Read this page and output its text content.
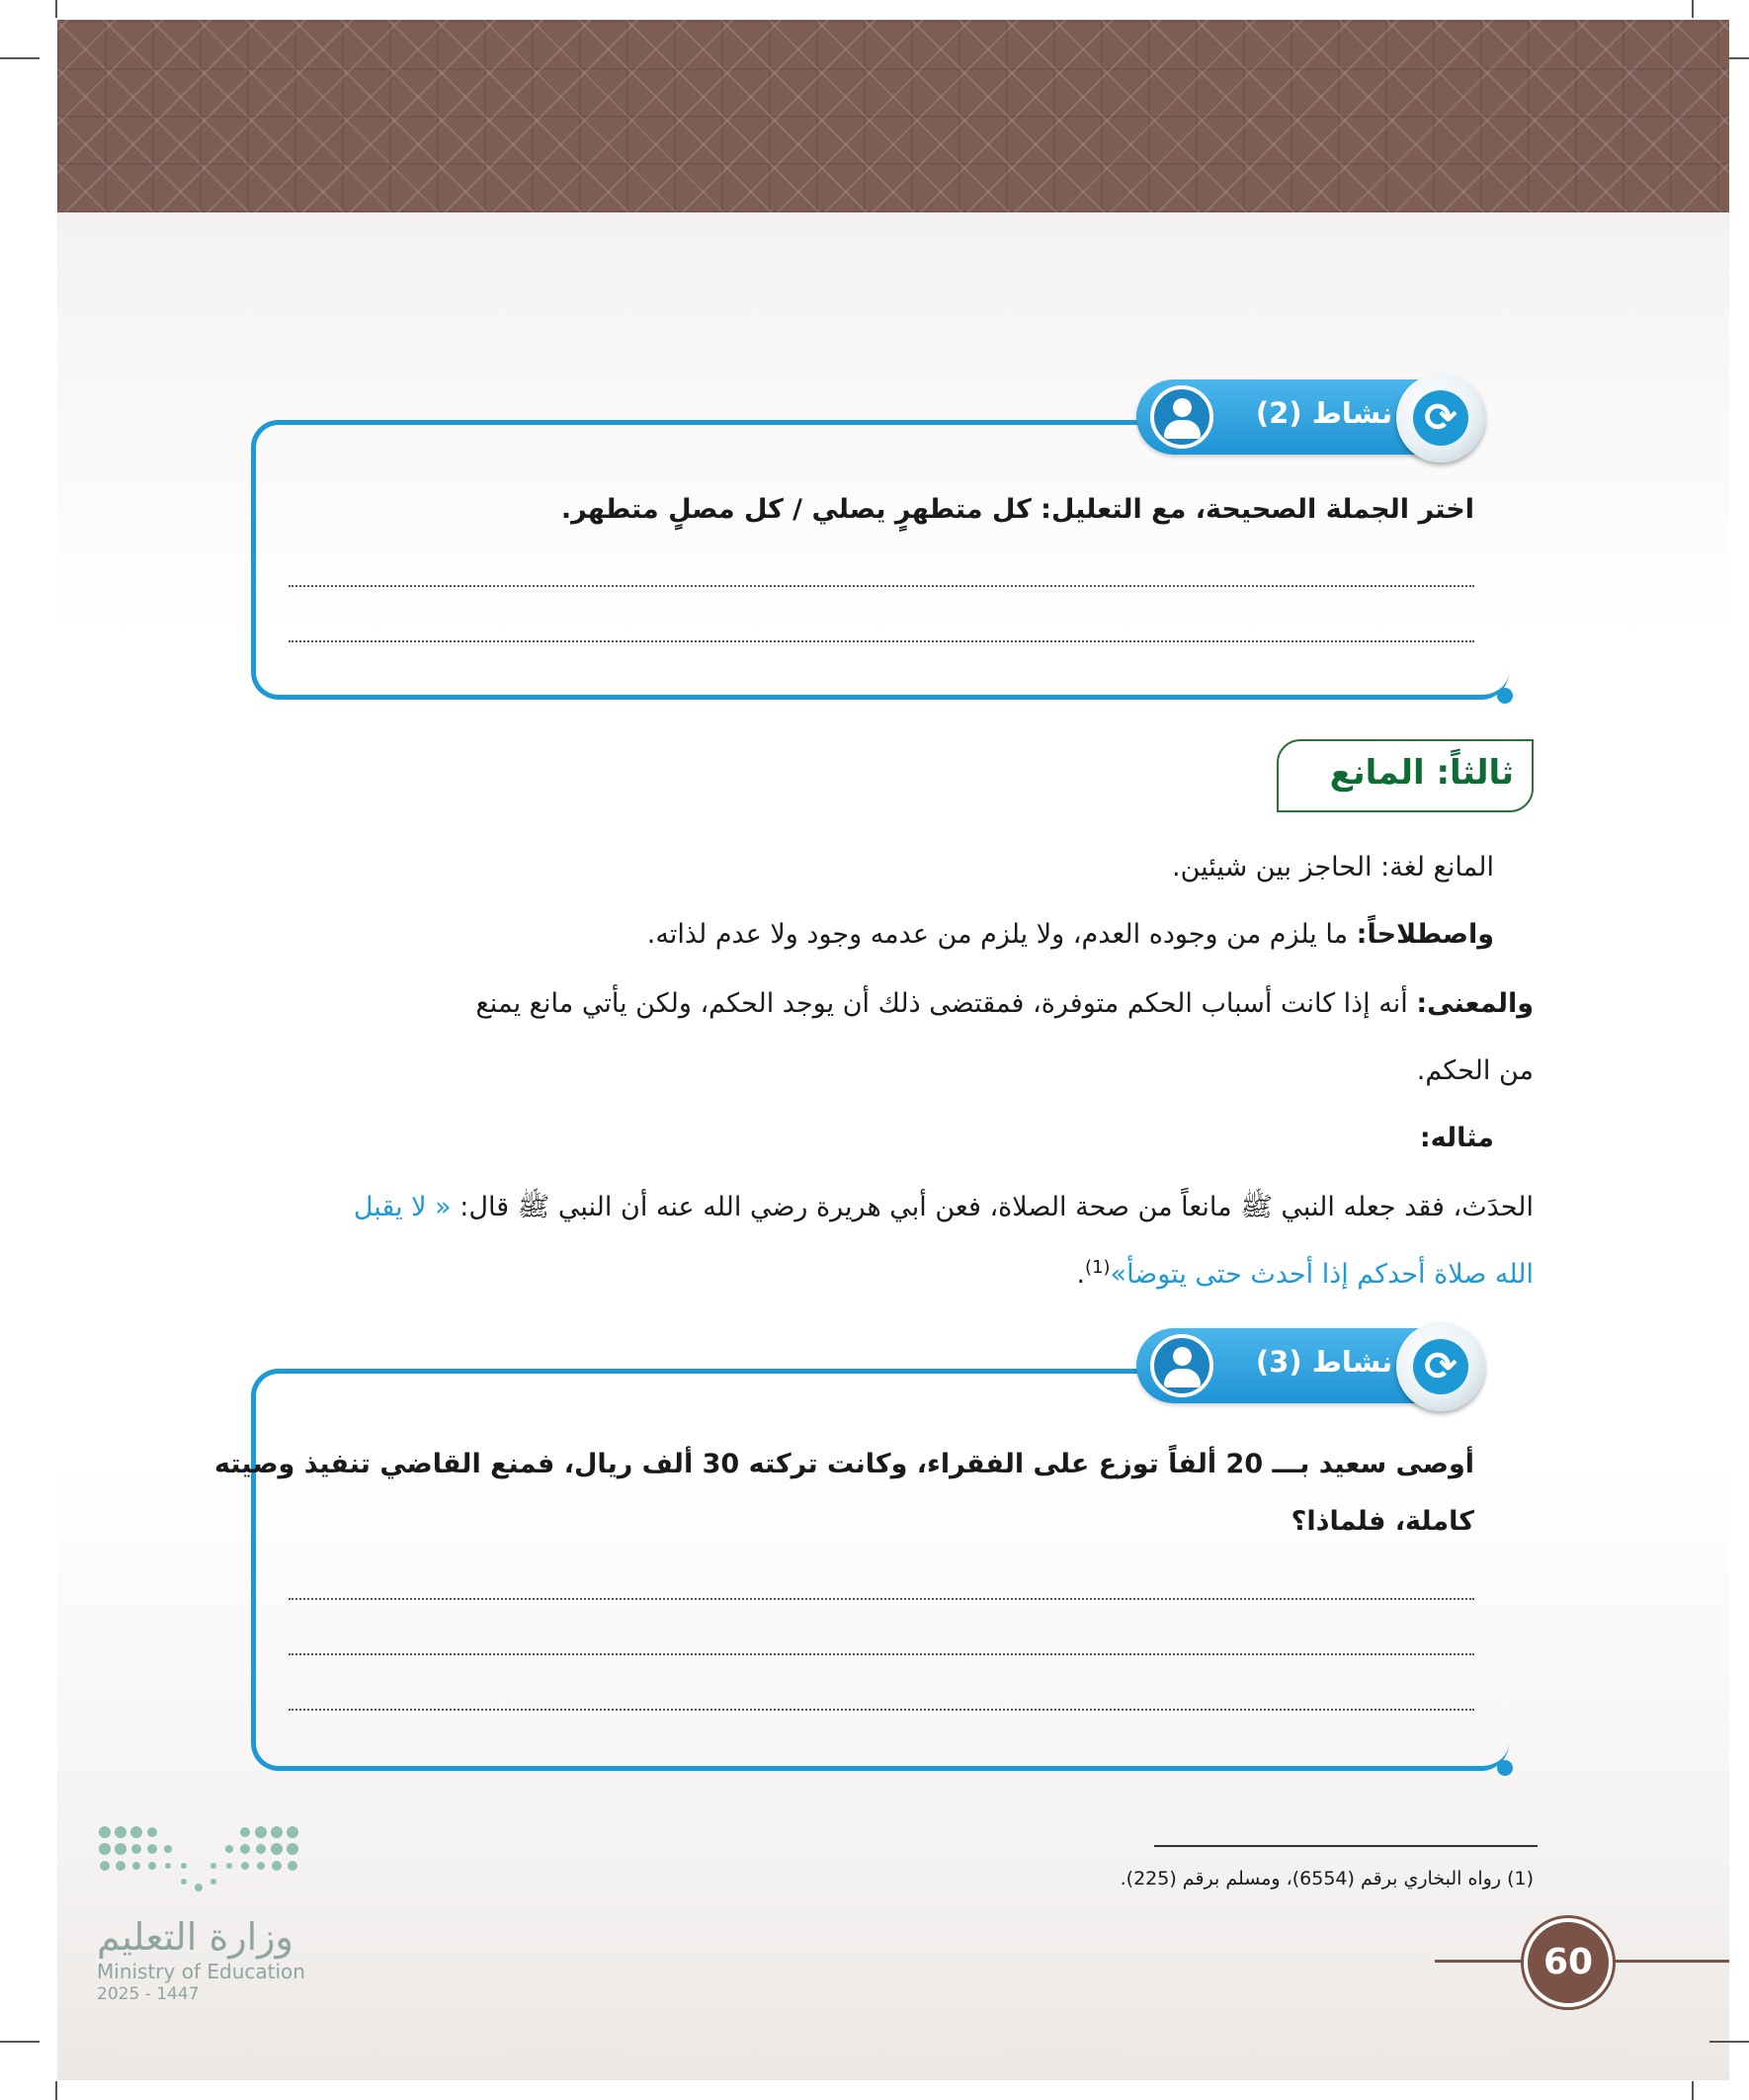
نشاط (2) ⟳
اختر الجملة الصحيحة، مع التعليل: كل متطهرٍ يصلي / كل مصلٍ متطهر.
ثالثاً: المانع
المانع لغة: الحاجز بين شيئين.
واصطلاحاً: ما يلزم من وجوده العدم، ولا يلزم من عدمه وجود ولا عدم لذاته.
والمعنى: أنه إذا كانت أسباب الحكم متوفرة، فمقتضى ذلك أن يوجد الحكم، ولكن يأتي مانع يمنع
من الحكم.
مثاله:
الحدَث، فقد جعله النبي ﷺ مانعاً من صحة الصلاة، فعن أبي هريرة رضي الله عنه أن النبي ﷺ قال: « لا يقبل
الله صلاة أحدكم إذا أحدث حتى يتوضأ»$^{(1)}$.
نشاط (3) ⟳
أوصى سعيد بـــ 20 ألفاً توزع على الفقراء، وكانت تركته 30 ألف ريال، فمنع القاضي تنفيذ وصيته
كاملة، فلماذا؟
(1) رواه البخاري برقم (6554)، ومسلم برقم (225).
وزارة التعليم
Ministry of Education
2025 - 1447
60
